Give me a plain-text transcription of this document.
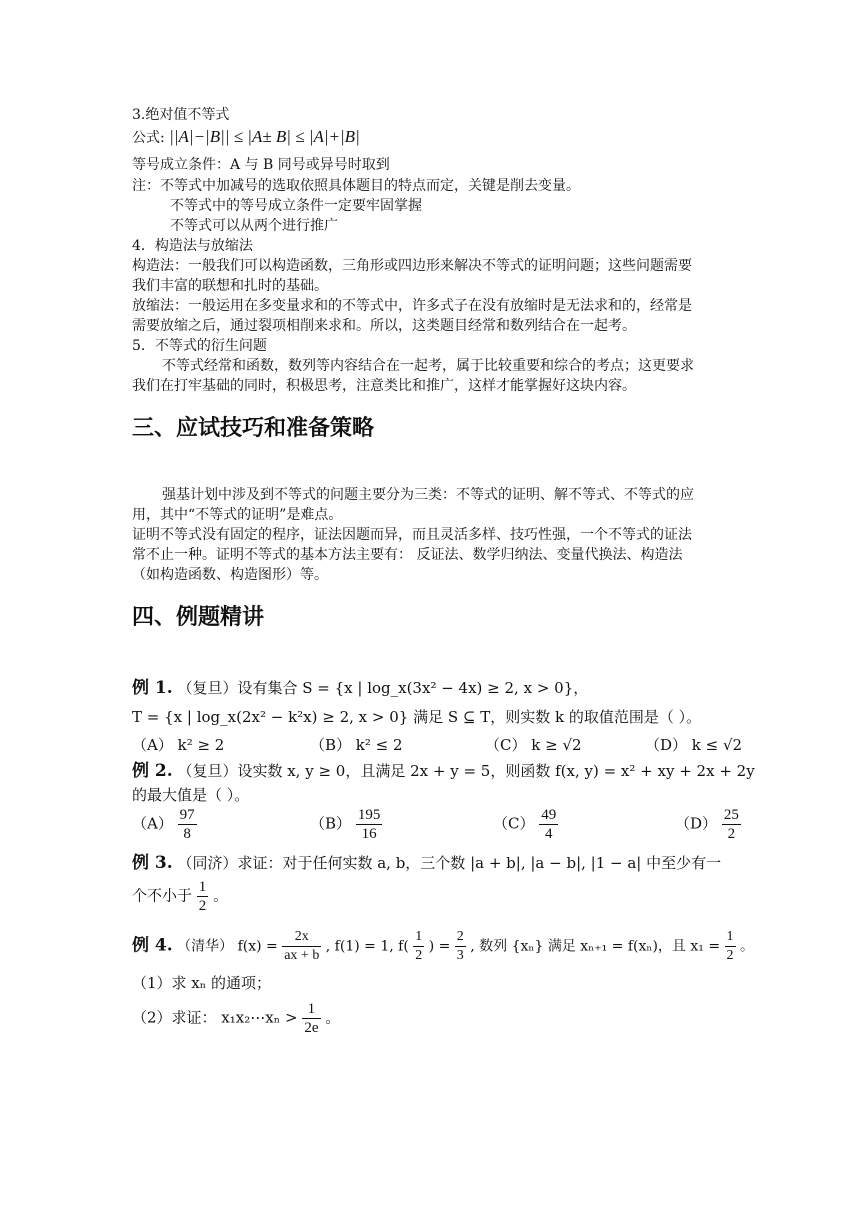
3.绝对值不等式
公式: ||A|−|B|| ≤ |A± B| ≤ |A|+|B|
等号成立条件：A 与 B 同号或异号时取到
注：不等式中加减号的选取依照具体题目的特点而定，关键是削去变量。
不等式中的等号成立条件一定要牢固掌握
不等式可以从两个进行推广
4．构造法与放缩法
构造法：一般我们可以构造函数，三角形或四边形来解决不等式的证明问题；这些问题需要
我们丰富的联想和扎时的基础。
放缩法：一般运用在多变量求和的不等式中，许多式子在没有放缩时是无法求和的，经常是
需要放缩之后，通过裂项相削来求和。所以，这类题目经常和数列结合在一起考。
5．不等式的衍生问题
不等式经常和函数，数列等内容结合在一起考，属于比较重要和综合的考点；这更要求
我们在打牢基础的同时，积极思考，注意类比和推广，这样才能掌握好这块内容。
三、应试技巧和准备策略
强基计划中涉及到不等式的问题主要分为三类：不等式的证明、解不等式、不等式的应
用，其中“不等式的证明”是难点。
证明不等式没有固定的程序，证法因题而异，而且灵活多样、技巧性强，一个不等式的证法
常不止一种。证明不等式的基本方法主要有： 反证法、数学归纳法、变量代换法、构造法
（如构造函数、构造图形）等。
四、例题精讲
例 1. （复旦）设有集合 S = {x | log_x(3x² − 4x) ≥ 2, x > 0}，
T = {x | log_x(2x² − k²x) ≥ 2, x > 0} 满足 S ⊆ T，则实数 k 的取值范围是（ ）。
（A） k² ≥ 2	（B） k² ≤ 2	（C） k ≥ √2	（D） k ≤ √2
例 2. （复旦）设实数 x, y ≥ 0，且满足 2x + y = 5，则函数 f(x, y) = x² + xy + 2x + 2y
的最大值是（ ）。
$(A) \frac{97}{8}$	$(B) \frac{195}{16}$	$(C) \frac{49}{4}$	$(D) \frac{25}{2}$
例 3. （同济）求证：对于任何实数 a, b，三个数 |a + b|, |a − b|, |1 − a| 中至少有一
个不小于 $\frac{1}{2}$ 。
例 4. （清华） $f(x) = \frac{2x}{ax + b}$ , f(1) = 1, $f( \frac{1}{2}$ ) = $\frac{2}{3}$ , 数列 {xₙ} 满足 xₙ₊₁ = f(xₙ)，且 $x_1 = \frac{1}{2}$ 。
（1）求 xₙ 的通项；
（2）求证： x₁x₂⋯xₙ > $\frac{1}{2e}$ 。
